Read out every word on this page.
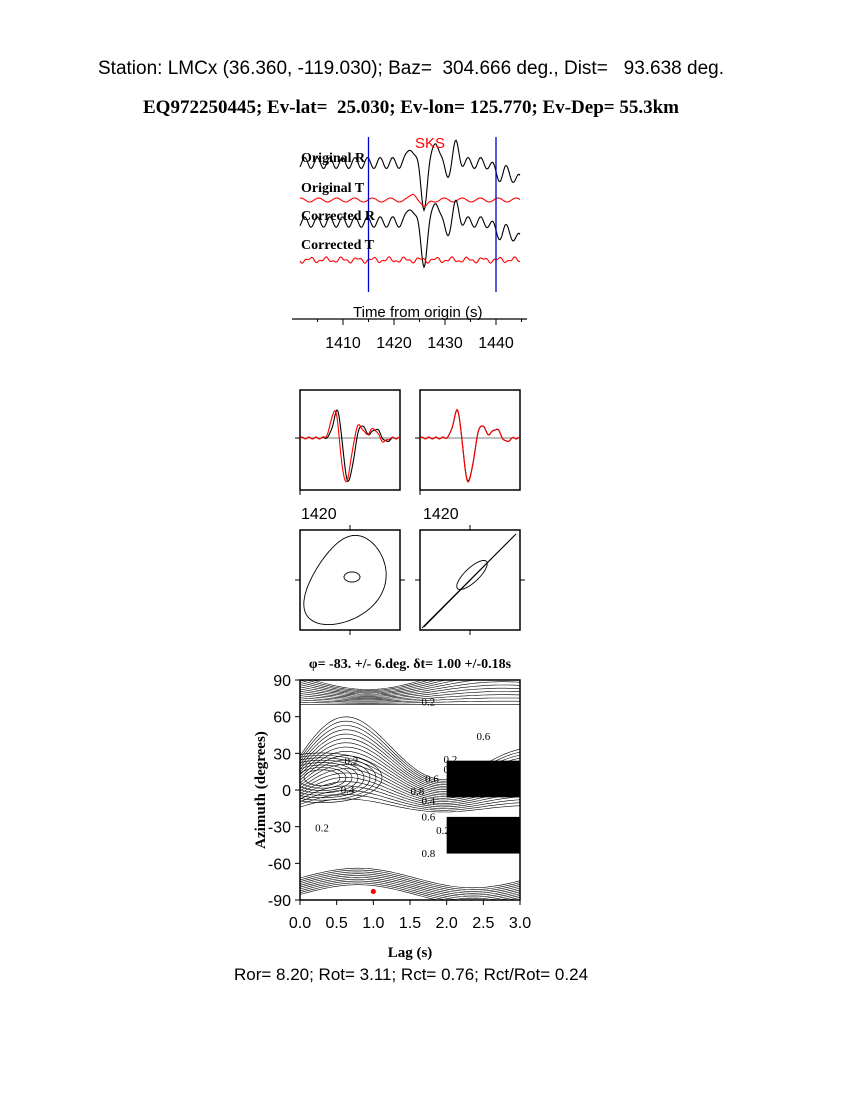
Station: LMCx (36.360, -119.030); Baz=  304.666 deg., Dist=   93.638 deg.
EQ972250445; Ev-lat=  25.030; Ev-lon= 125.770; Ev-Dep= 55.3km
SKS
Original R
Original T
Corrected R
Corrected T
Time from origin (s)
1410 1420 1430 1440
1420	1420
φ= -83. +/- 6.deg. δt= 1.00 +/-0.18s
0.2
0.2	0.2
0.4
0.6
0.8
0
0.2
0.4
0.6
0.8
0.4
0.6
0.8
0.2
0.0 0.5 1.0 1.5 2.0 2.5 3.0
90
60
30
0
-30
-60
-90
Lag (s)
Azimuth (degrees)
Ror= 8.20; Rot= 3.11; Rct= 0.76; Rct/Rot= 0.24
